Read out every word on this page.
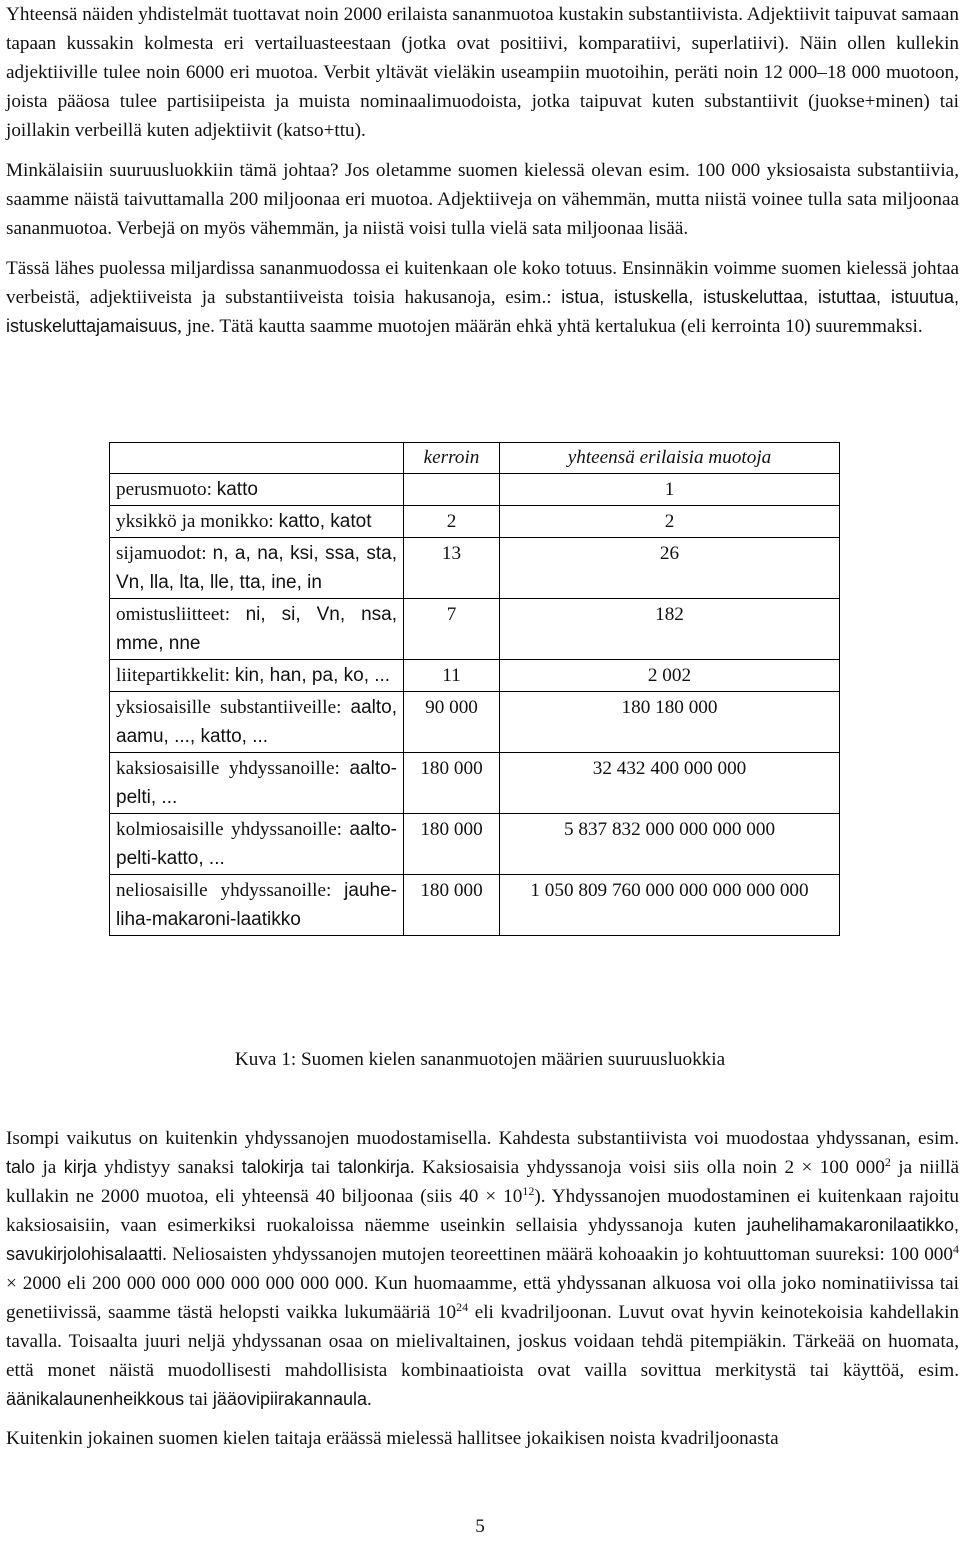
Yhteensä näiden yhdistelmät tuottavat noin 2000 erilaista sananmuotoa kustakin substantiivista. Adjektiivit taipuvat samaan tapaan kussakin kolmesta eri vertailuasteestaan (jotka ovat positiivi, komparatiivi, superlatiivi). Näin ollen kullekin adjektiiville tulee noin 6000 eri muotoa. Verbit yltävät vieläkin useampiin muotoihin, peräti noin 12 000–18 000 muotoon, joista pääosa tulee partisiipeista ja muista nominaalimuodoista, jotka taipuvat kuten substantiivit (juokse+minen) tai joillakin verbeillä kuten adjektiivit (katso+ttu).

Minkälaisiin suuruusluokkiin tämä johtaa? Jos oletamme suomen kielessä olevan esim. 100 000 yksiosaista substantiivia, saamme näistä taivuttamalla 200 miljoonaa eri muotoa. Adjektiiveja on vähemmän, mutta niistä voinee tulla sata miljoonaa sananmuotoa. Verbejä on myös vähemmän, ja niistä voisi tulla vielä sata miljoonaa lisää.

Tässä lähes puolessa miljardissa sananmuodossa ei kuitenkaan ole koko totuus. Ensinnäkin voimme suomen kielessä johtaa verbeistä, adjektiiveista ja substantiiveista toisia hakusanoja, esim.: istua, istuskella, istuskeluttaa, istuttaa, istuutua, istuskeluttajamaisuus, jne. Tätä kautta saamme muotojen määrän ehkä yhtä kertalukua (eli kerrointa 10) suuremmaksi.

	kerroin	yhteensä erilaisia muotoja
perusmuoto: katto		1
yksikkö ja monikko: katto, katot	2	2
sijamuodot: n, a, na, ksi, ssa, sta, Vn, lla, lta, lle, tta, ine, in	13	26
omistusliitteet: ni, si, Vn, nsa, mme, nne	7	182
liitepartikkelit: kin, han, pa, ko, ...	11	2 002
yksiosaisille substantiiveille: aalto, aamu, ..., katto, ...	90 000	180 180 000
kaksiosaisille yhdyssanoille: aalto-pelti, ...	180 000	32 432 400 000 000
kolmiosaisille yhdyssanoille: aalto-pelti-katto, ...	180 000	5 837 832 000 000 000 000
neliosaisille yhdyssanoille: jauhe-liha-makaroni-laatikko	180 000	1 050 809 760 000 000 000 000 000
Kuva 1: Suomen kielen sananmuotojen määrien suuruusluokkia

Isompi vaikutus on kuitenkin yhdyssanojen muodostamisella. Kahdesta substantiivista voi muodostaa yhdyssanan, esim. talo ja kirja yhdistyy sanaksi talokirja tai talonkirja. Kaksiosaisia yhdyssanoja voisi siis olla noin 2 × 100 $000^2$ ja niillä kullakin ne 2000 muotoa, eli yhteensä 40 biljoonaa (siis $40 \times 10^{12}$). Yhdyssanojen muodostaminen ei kuitenkaan rajoitu kaksiosaisiin, vaan esimerkiksi ruokaloissa näemme useinkin sellaisia yhdyssanoja kuten jauhelihamakaronilaatikko, savukirjolohisalaatti. Neliosaisten yhdyssanojen mutojen teoreettinen määrä kohoaakin jo kohtuuttoman suureksi: 100 $000^4 \times 2000$ eli 200 000 000 000 000 000 000 000. Kun huomaamme, että yhdyssanan alkuosa voi olla joko nominatiivissa tai genetiivissä, saamme tästä helopsti vaikka lukumääriä $10^{24}$ eli kvadriljoonan. Luvut ovat hyvin keinotekoisia kahdellakin tavalla. Toisaalta juuri neljä yhdyssanan osaa on mielivaltainen, joskus voidaan tehdä pitempiäkin. Tärkeää on huomata, että monet näistä muodollisesti mahdollisista kombinaatioista ovat vailla sovittua merkitystä tai käyttöä, esim. äänikalaunenheikkous tai jääovipiirakannaula.

Kuitenkin jokainen suomen kielen taitaja eräässä mielessä hallitsee jokaikisen noista kvadriljoonasta

5
